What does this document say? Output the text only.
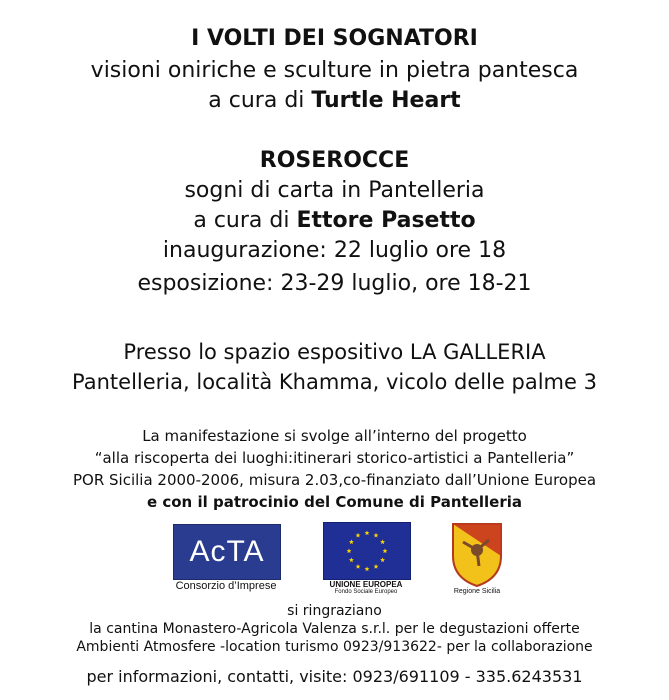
I VOLTI DEI SOGNATORI
visioni oniriche e sculture in pietra pantesca
a cura di Turtle Heart
ROSEROCCE
sogni di carta in Pantelleria
a cura di Ettore Pasetto
inaugurazione: 22 luglio ore 18
esposizione: 23-29 luglio, ore 18-21
Presso lo spazio espositivo LA GALLERIA
Pantelleria, località Khamma, vicolo delle palme 3
La manifestazione si svolge all’interno del progetto
“alla riscoperta dei luoghi:itinerari storico-artistici a Pantelleria”
POR Sicilia 2000-2006, misura 2.03,co-finanziato dall’Unione Europea
e con il patrocinio del Comune di Pantelleria
AcTA
Consorzio d’Imprese	UNIONE EUROPEA
Fondo Sociale Europeo	Regione Sicilia
si ringraziano
la cantina Monastero-Agricola Valenza s.r.l. per le degustazioni offerte
Ambienti Atmosfere -location turismo 0923/913622- per la collaborazione
per informazioni, contatti, visite: 0923/691109 - 335.6243531
